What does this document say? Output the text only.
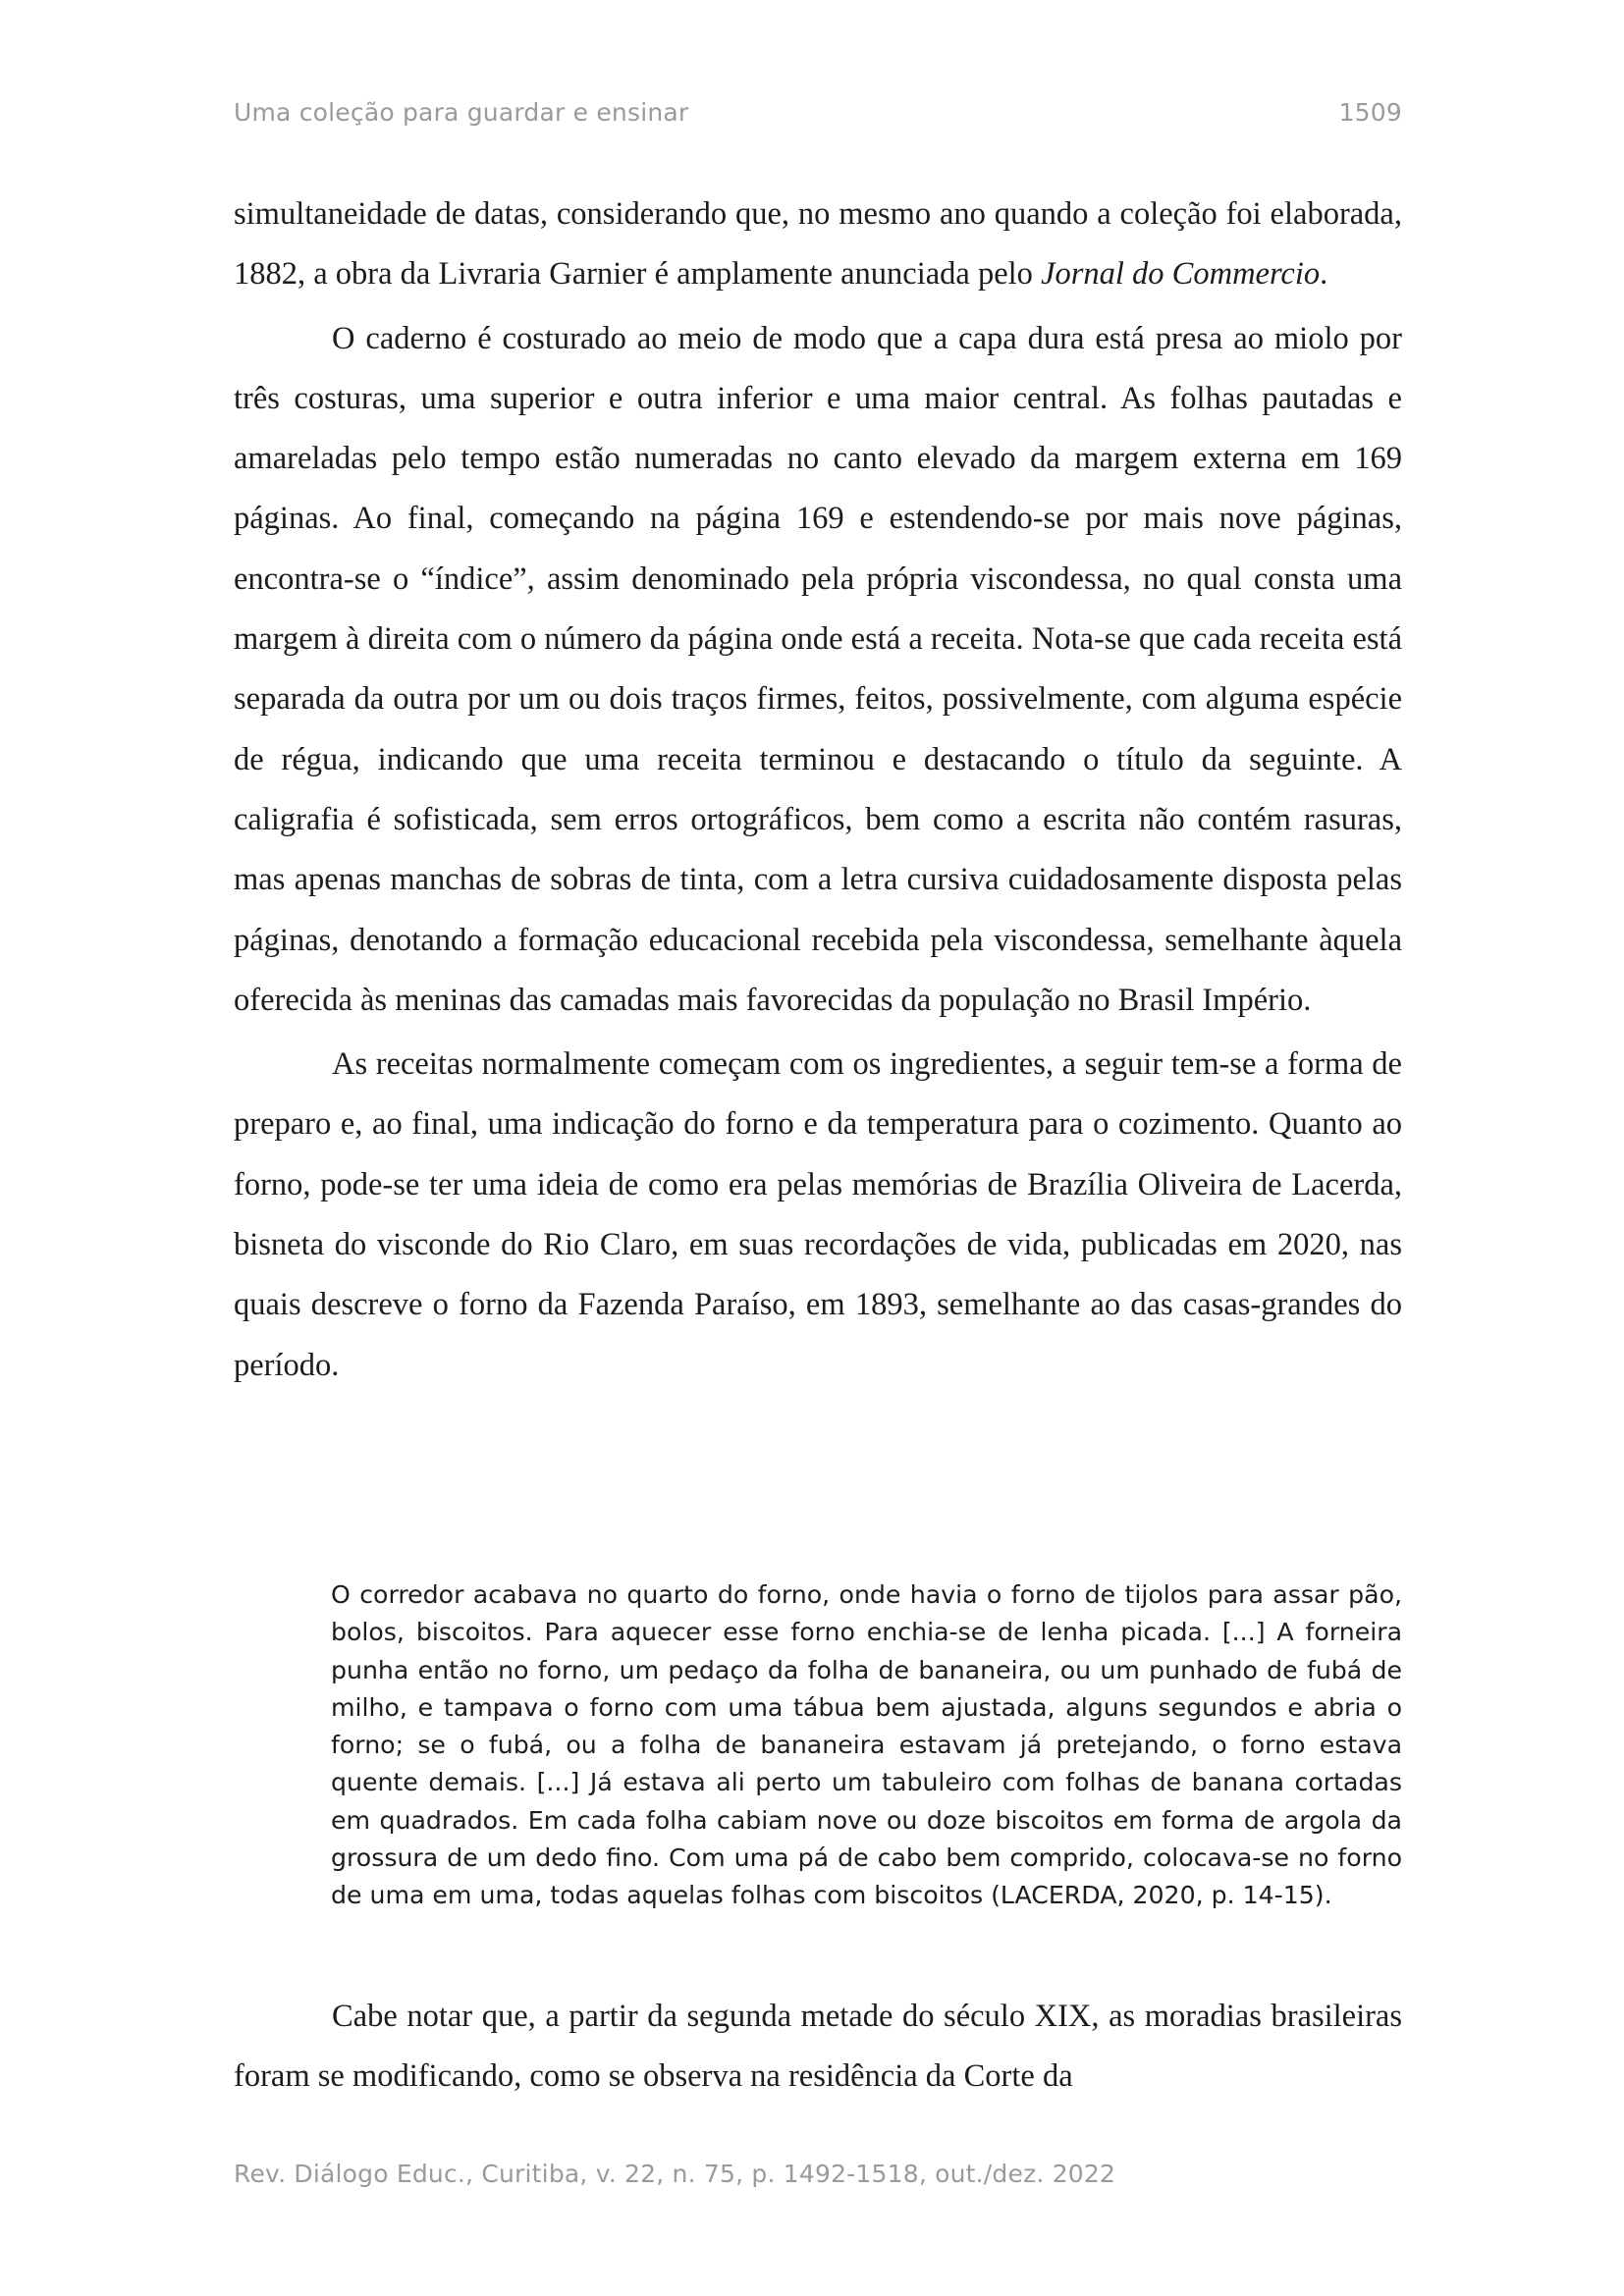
Uma coleção para guardar e ensinar	1509

simultaneidade de datas, considerando que, no mesmo ano quando a coleção foi elaborada, 1882, a obra da Livraria Garnier é amplamente anunciada pelo Jornal do Commercio.

O caderno é costurado ao meio de modo que a capa dura está presa ao miolo por três costuras, uma superior e outra inferior e uma maior central. As folhas pautadas e amareladas pelo tempo estão numeradas no canto elevado da margem externa em 169 páginas. Ao final, começando na página 169 e estendendo-se por mais nove páginas, encontra-se o “índice”, assim denominado pela própria viscondessa, no qual consta uma margem à direita com o número da página onde está a receita. Nota-se que cada receita está separada da outra por um ou dois traços firmes, feitos, possivelmente, com alguma espécie de régua, indicando que uma receita terminou e destacando o título da seguinte. A caligrafia é sofisticada, sem erros ortográficos, bem como a escrita não contém rasuras, mas apenas manchas de sobras de tinta, com a letra cursiva cuidadosamente disposta pelas páginas, denotando a formação educacional recebida pela viscondessa, semelhante àquela oferecida às meninas das camadas mais favorecidas da população no Brasil Império.

As receitas normalmente começam com os ingredientes, a seguir tem-se a forma de preparo e, ao final, uma indicação do forno e da temperatura para o cozimento. Quanto ao forno, pode-se ter uma ideia de como era pelas memórias de Brazília Oliveira de Lacerda, bisneta do visconde do Rio Claro, em suas recordações de vida, publicadas em 2020, nas quais descreve o forno da Fazenda Paraíso, em 1893, semelhante ao das casas-grandes do período.

O corredor acabava no quarto do forno, onde havia o forno de tijolos para assar pão, bolos, biscoitos. Para aquecer esse forno enchia-se de lenha picada. [...] A forneira punha então no forno, um pedaço da folha de bananeira, ou um punhado de fubá de milho, e tampava o forno com uma tábua bem ajustada, alguns segundos e abria o forno; se o fubá, ou a folha de bananeira estavam já pretejando, o forno estava quente demais. [...] Já estava ali perto um tabuleiro com folhas de banana cortadas em quadrados. Em cada folha cabiam nove ou doze biscoitos em forma de argola da grossura de um dedo fino. Com uma pá de cabo bem comprido, colocava-se no forno de uma em uma, todas aquelas folhas com biscoitos (LACERDA, 2020, p. 14-15).

Cabe notar que, a partir da segunda metade do século XIX, as moradias brasileiras foram se modificando, como se observa na residência da Corte da

Rev. Diálogo Educ., Curitiba, v. 22, n. 75, p. 1492-1518, out./dez. 2022
